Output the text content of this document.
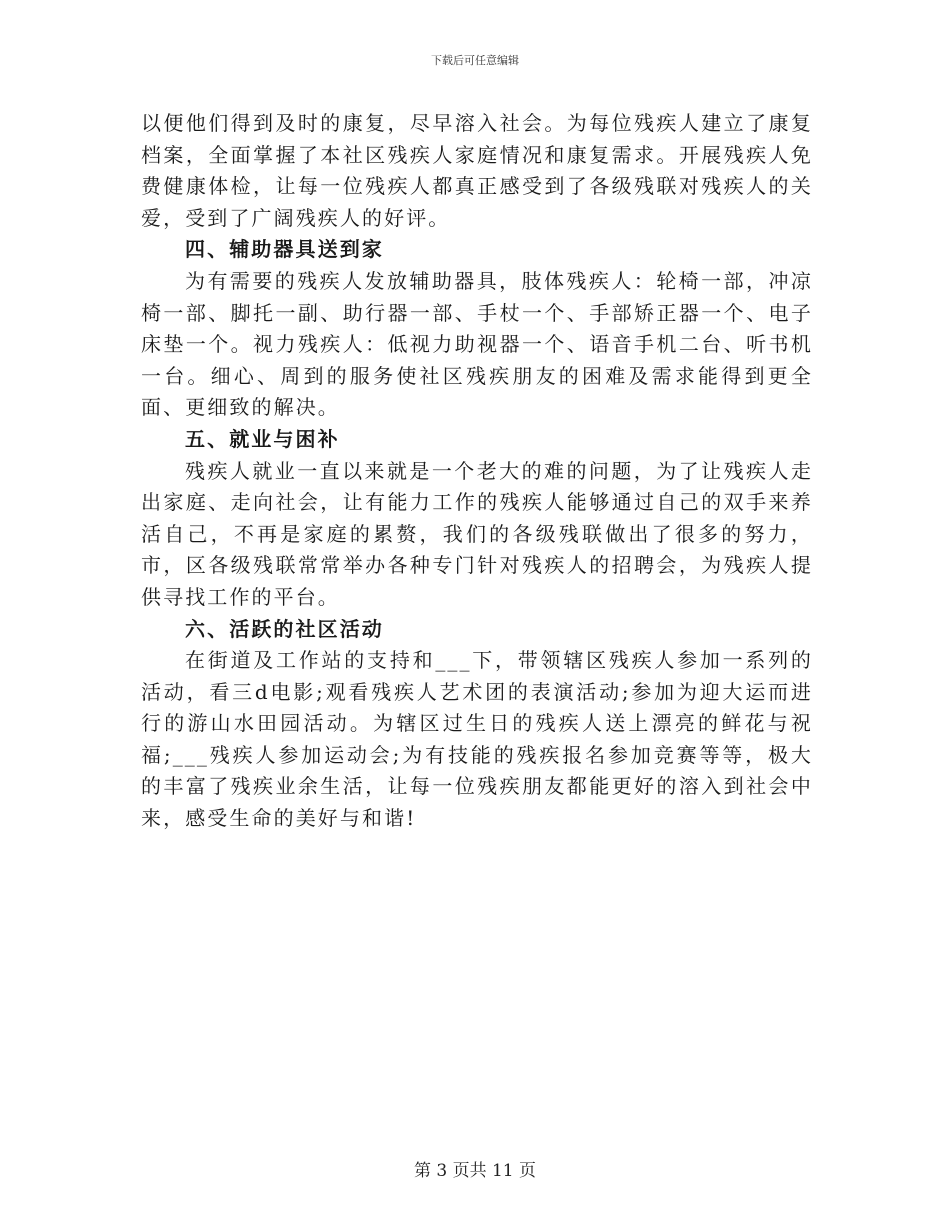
下载后可任意编辑

以便他们得到及时的康复，尽早溶入社会。为每位残疾人建立了康复档案，全面掌握了本社区残疾人家庭情况和康复需求。开展残疾人免费健康体检，让每一位残疾人都真正感受到了各级残联对残疾人的关爱，受到了广阔残疾人的好评。

四、辅助器具送到家

为有需要的残疾人发放辅助器具，肢体残疾人：轮椅一部，冲凉椅一部、脚托一副、助行器一部、手杖一个、手部矫正器一个、电子床垫一个。视力残疾人：低视力助视器一个、语音手机二台、听书机一台。细心、周到的服务使社区残疾朋友的困难及需求能得到更全面、更细致的解决。

五、就业与困补

残疾人就业一直以来就是一个老大的难的问题，为了让残疾人走出家庭、走向社会，让有能力工作的残疾人能够通过自己的双手来养活自己，不再是家庭的累赘，我们的各级残联做出了很多的努力，市，区各级残联常常举办各种专门针对残疾人的招聘会，为残疾人提供寻找工作的平台。

六、活跃的社区活动

在街道及工作站的支持和___下，带领辖区残疾人参加一系列的活动，看三d电影;观看残疾人艺术团的表演活动;参加为迎大运而进行的游山水田园活动。为辖区过生日的残疾人送上漂亮的鲜花与祝福;___残疾人参加运动会;为有技能的残疾报名参加竞赛等等，极大的丰富了残疾业余生活，让每一位残疾朋友都能更好的溶入到社会中来，感受生命的美好与和谐!

第 3 页共 11 页
